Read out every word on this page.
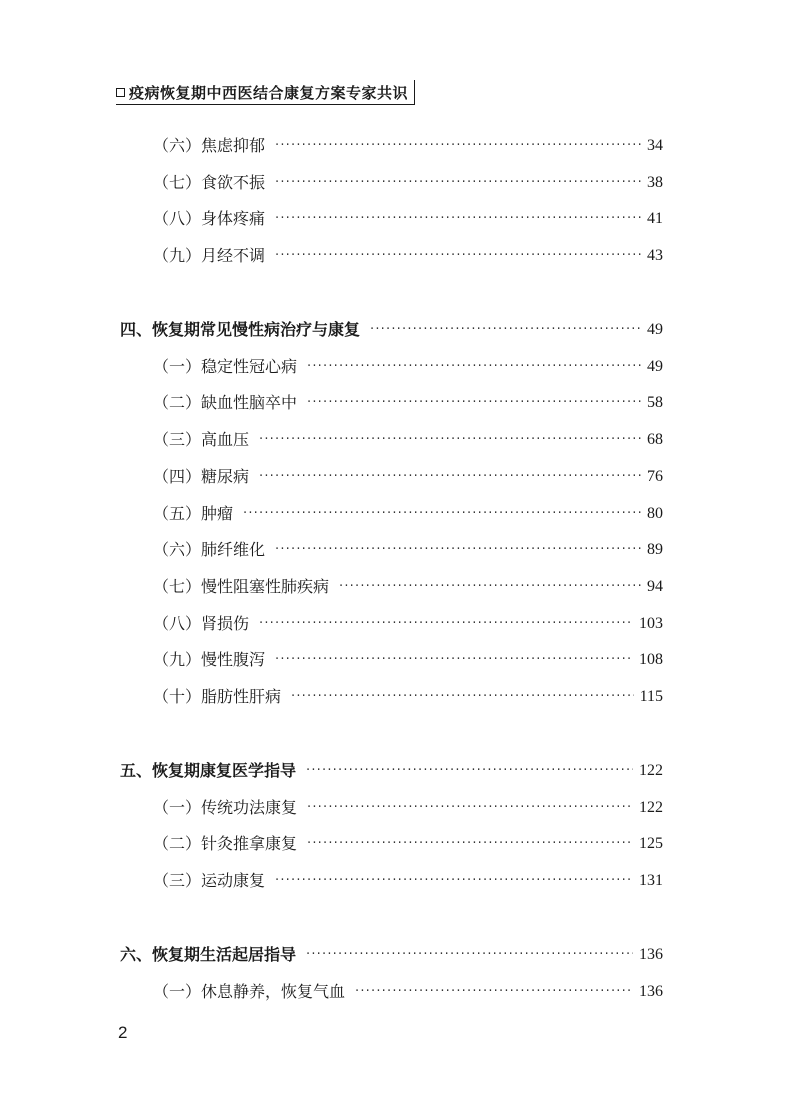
疫病恢复期中西医结合康复方案专家共识
（六）焦虑抑郁 ·····	34
（七）食欲不振 ·····	38
（八）身体疼痛 ·····	41
（九）月经不调 ·····	43
四、恢复期常见慢性病治疗与康复 ·····	49
（一）稳定性冠心病 ·····	49
（二）缺血性脑卒中 ·····	58
（三）高血压 ·····	68
（四）糖尿病 ·····	76
（五）肿瘤 ·····	80
（六）肺纤维化 ·····	89
（七）慢性阻塞性肺疾病 ·····	94
（八）肾损伤 ·····	103
（九）慢性腹泻 ·····	108
（十）脂肪性肝病 ·····	115
五、恢复期康复医学指导 ·····	122
（一）传统功法康复 ·····	122
（二）针灸推拿康复 ·····	125
（三）运动康复 ·····	131
六、恢复期生活起居指导 ·····	136
（一）休息静养，恢复气血 ·····	136
2
